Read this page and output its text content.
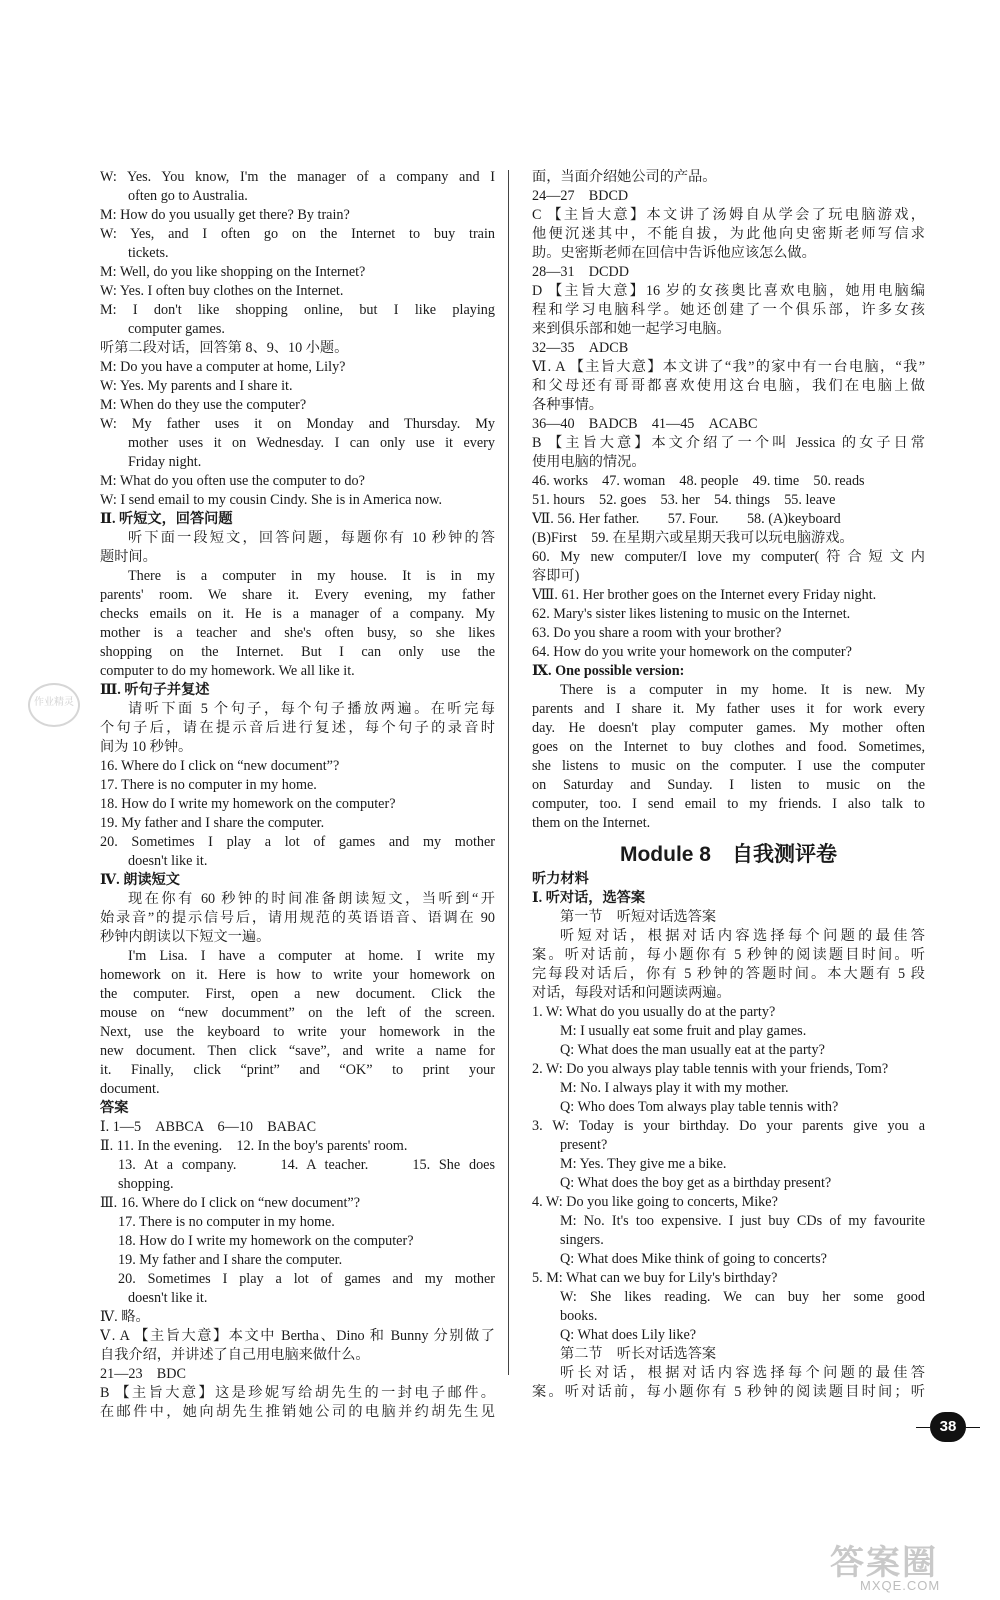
W: Yes. You know, I'm the manager of a company and I
often go to Australia.
M: How do you usually get there? By train?
W: Yes, and I often go on the Internet to buy train
tickets.
M: Well, do you like shopping on the Internet?
W: Yes. I often buy clothes on the Internet.
M: I don't like shopping online, but I like playing
computer games.
听第二段对话，回答第 8、9、10 小题。
M: Do you have a computer at home, Lily?
W: Yes. My parents and I share it.
M: When do they use the computer?
W: My father uses it on Monday and Thursday. My
mother uses it on Wednesday. I can only use it every
Friday night.
M: What do you often use the computer to do?
W: I send email to my cousin Cindy. She is in America now.
Ⅱ. 听短文，回答问题
听下面一段短文，回答问题，每题你有 10 秒钟的答
题时间。
There is a computer in my house. It is in my
parents' room. We share it. Every evening, my father
checks emails on it. He is a manager of a company. My
mother is a teacher and she's often busy, so she likes
shopping on the Internet. But I can only use the
computer to do my homework. We all like it.
Ⅲ. 听句子并复述
请听下面 5 个句子，每个句子播放两遍。在听完每
个句子后，请在提示音后进行复述，每个句子的录音时
间为 10 秒钟。
16. Where do I click on “new document”?
17. There is no computer in my home.
18. How do I write my homework on the computer?
19. My father and I share the computer.
20. Sometimes I play a lot of games and my mother
doesn't like it.
Ⅳ. 朗读短文
现在你有 60 秒钟的时间准备朗读短文，当听到“开
始录音”的提示信号后，请用规范的英语语音、语调在 90
秒钟内朗读以下短文一遍。
I'm Lisa. I have a computer at home. I write my
homework on it. Here is how to write your homework on
the computer. First, open a new document. Click the
mouse on “new documment” on the left of the screen.
Next, use the keyboard to write your homework in the
new document. Then click “save”, and write a name for
it. Finally, click “print” and “OK” to print your
document.
答案
Ⅰ. 1—5　ABBCA　6—10　BABAC
Ⅱ. 11. In the evening.　12. In the boy's parents' room.
13. At a company.　　14. A teacher.　　15. She does
shopping.
Ⅲ. 16. Where do I click on “new document”?
17. There is no computer in my home.
18. How do I write my homework on the computer?
19. My father and I share the computer.
20. Sometimes I play a lot of games and my mother
doesn't like it.
Ⅳ. 略。
Ⅴ. A 【主旨大意】本文中 Bertha、Dino 和 Bunny 分别做了
自我介绍，并讲述了自己用电脑来做什么。
21—23　BDC
B 【主旨大意】这是珍妮写给胡先生的一封电子邮件。
在邮件中，她向胡先生推销她公司的电脑并约胡先生见
面，当面介绍她公司的产品。
24—27　BDCD
C 【主旨大意】本文讲了汤姆自从学会了玩电脑游戏，
他便沉迷其中，不能自拔，为此他向史密斯老师写信求
助。史密斯老师在回信中告诉他应该怎么做。
28—31　DCDD
D 【主旨大意】16 岁的女孩奥比喜欢电脑，她用电脑编
程和学习电脑科学。她还创建了一个俱乐部，许多女孩
来到俱乐部和她一起学习电脑。
32—35　ADCB
Ⅵ. A 【主旨大意】本文讲了“我”的家中有一台电脑，“我”
和父母还有哥哥都喜欢使用这台电脑，我们在电脑上做
各种事情。
36—40　BADCB　41—45　ACABC
B 【主旨大意】本文介绍了一个叫 Jessica 的女子日常
使用电脑的情况。
46. works　47. woman　48. people　49. time　50. reads
51. hours　52. goes　53. her　54. things　55. leave
Ⅶ. 56. Her father.　　57. Four.　　58. (A)keyboard
(B)First　59. 在星期六或星期天我可以玩电脑游戏。
60. My new computer/I love my computer(符合短文内
容即可)
Ⅷ. 61. Her brother goes on the Internet every Friday night.
62. Mary's sister likes listening to music on the Internet.
63. Do you share a room with your brother?
64. How do you write your homework on the computer?
Ⅸ. One possible version:
There is a computer in my home. It is new. My
parents and I share it. My father uses it for work every
day. He doesn't play computer games. My mother often
goes on the Internet to buy clothes and food. Sometimes,
she listens to music on the computer. I use the computer
on Saturday and Sunday. I listen to music on the
computer, too. I send email to my friends. I also talk to
them on the Internet.
Module 8　自我测评卷
听力材料
Ⅰ. 听对话，选答案
第一节　听短对话选答案
听短对话，根据对话内容选择每个问题的最佳答
案。听对话前，每小题你有 5 秒钟的阅读题目时间。听
完每段对话后，你有 5 秒钟的答题时间。本大题有 5 段
对话，每段对话和问题读两遍。
1. W: What do you usually do at the party?
M: I usually eat some fruit and play games.
Q: What does the man usually eat at the party?
2. W: Do you always play table tennis with your friends, Tom?
M: No. I always play it with my mother.
Q: Who does Tom always play table tennis with?
3. W: Today is your birthday. Do your parents give you a
present?
M: Yes. They give me a bike.
Q: What does the boy get as a birthday present?
4. W: Do you like going to concerts, Mike?
M: No. It's too expensive. I just buy CDs of my favourite
singers.
Q: What does Mike think of going to concerts?
5. M: What can we buy for Lily's birthday?
W: She likes reading. We can buy her some good
books.
Q: What does Lily like?
第二节　听长对话选答案
听长对话，根据对话内容选择每个问题的最佳答
案。听对话前，每小题你有 5 秒钟的阅读题目时间；听
38
作业精灵
答案圈
MXQE.COM
